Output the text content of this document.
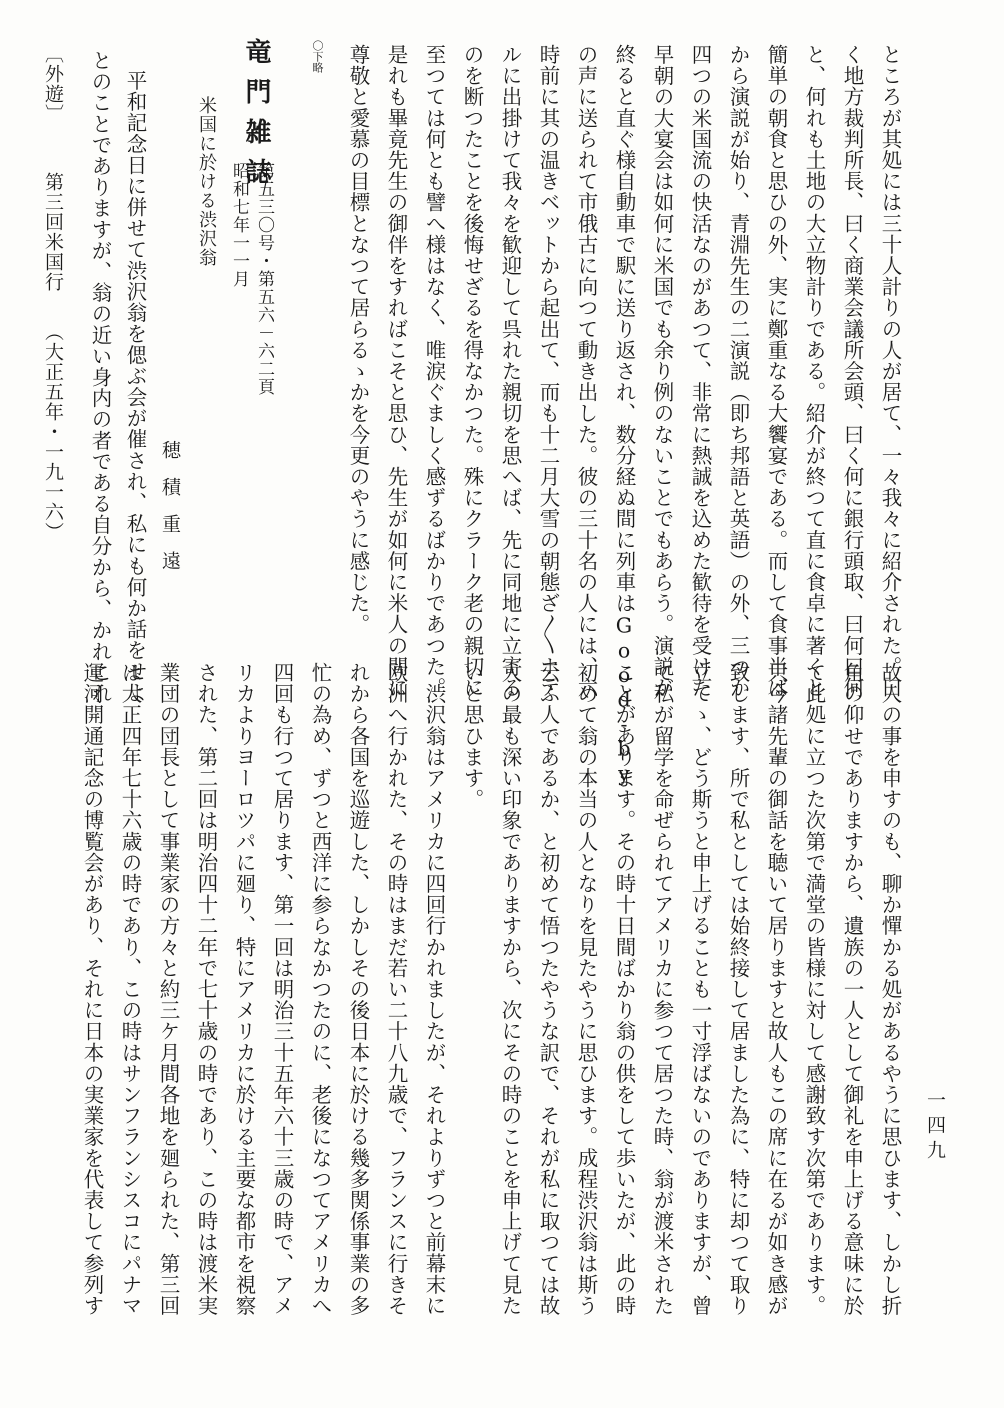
ところが其処には三十人計りの人が居て、一々我々に紹介された。曰
く地方裁判所長、曰く商業会議所会頭、曰く何に銀行頭取、曰何曰何
と、何れも土地の大立物計りである。紹介が終つて直に食卓に著くと
簡単の朝食と思ひの外、実に鄭重なる大饗宴である。而して食事半ば
から演説が始り、青淵先生の二演説（即ち邦語と英語）の外、三つか
四つの米国流の快活なのがあつて、非常に熱誠を込めた歓待を受けた
早朝の大宴会は如何に米国でも余り例のないことでもあらう。演説が
終ると直ぐ様自動車で駅に送り返され、数分経ぬ間に列車はGood-by
の声に送られて市俄古に向つて動き出した。彼の三十名の人には、六
時前に其の温きベットから起出て、而も十二月大雪の朝態ざ〳〵ホテ
ルに出掛けて我々を歓迎して呉れた親切を思へば、先に同地に立寄る
のを断つたことを後悔せざるを得なかつた。殊にクラーク老の親切に
至つては何とも譬へ様はなく、唯涙ぐましく感ずるばかりであつた。
是れも畢竟先生の御伴をすればこそと思ひ、先生が如何に米人の間に
尊敬と愛慕の目標となつて居らるゝかを今更のやうに感じた。
〇下略
竜門雑誌
第五三〇号・第五六－六二頁
昭和七年一一月
米国に於ける渋沢翁
穂積重遠
平和記念日に併せて渋沢翁を偲ぶ会が催され、私にも何か話をせよ
とのことでありますが、翁の近い身内の者である自分から、かれこれ
〔外遊〕
第三回米国行
（大正五年・一九一六）
一四九
故人の事を申すのも、聊か憚かる処があるやうに思ひます、しかし折
角の仰せでありますから、遺族の一人として御礼を申上げる意味に於
て此処に立つた次第で満堂の皆様に対して感謝致す次第であります。
只今諸先輩の御話を聴いて居りますと故人もこの席に在るが如き感が
致します、所で私としては始終接して居ました為に、特に却つて取り
立てゝ、どう斯うと申上げることも一寸浮ばないのでありますが、曾
て私が留学を命ぜられてアメリカに参つて居つた時、翁が渡米された
ことがあります。その時十日間ばかり翁の供をして歩いたが、此の時
初めて翁の本当の人となりを見たやうに思ひます。成程渋沢翁は斯う
云ふ人であるか、と初めて悟つたやうな訳で、それが私に取つては故
人の最も深い印象でありますから、次にその時のことを申上げて見た
いと思ひます。
　渋沢翁はアメリカに四回行かれましたが、それよりずつと前幕末に
欧洲へ行かれた、その時はまだ若い二十八九歳で、フランスに行きそ
れから各国を巡遊した、しかしその後日本に於ける幾多関係事業の多
忙の為め、ずつと西洋に参らなかつたのに、老後になつてアメリカへ
四回も行つて居ります、第一回は明治三十五年六十三歳の時で、アメ
リカよりヨーロツパに廻り、特にアメリカに於ける主要な都市を視察
された、第二回は明治四十二年で七十歳の時であり、この時は渡米実
業団の団長として事業家の方々と約三ケ月間各地を廻られた、第三回
は大正四年七十六歳の時であり、この時はサンフランシスコにパナマ
運河開通記念の博覧会があり、それに日本の実業家を代表して参列す
